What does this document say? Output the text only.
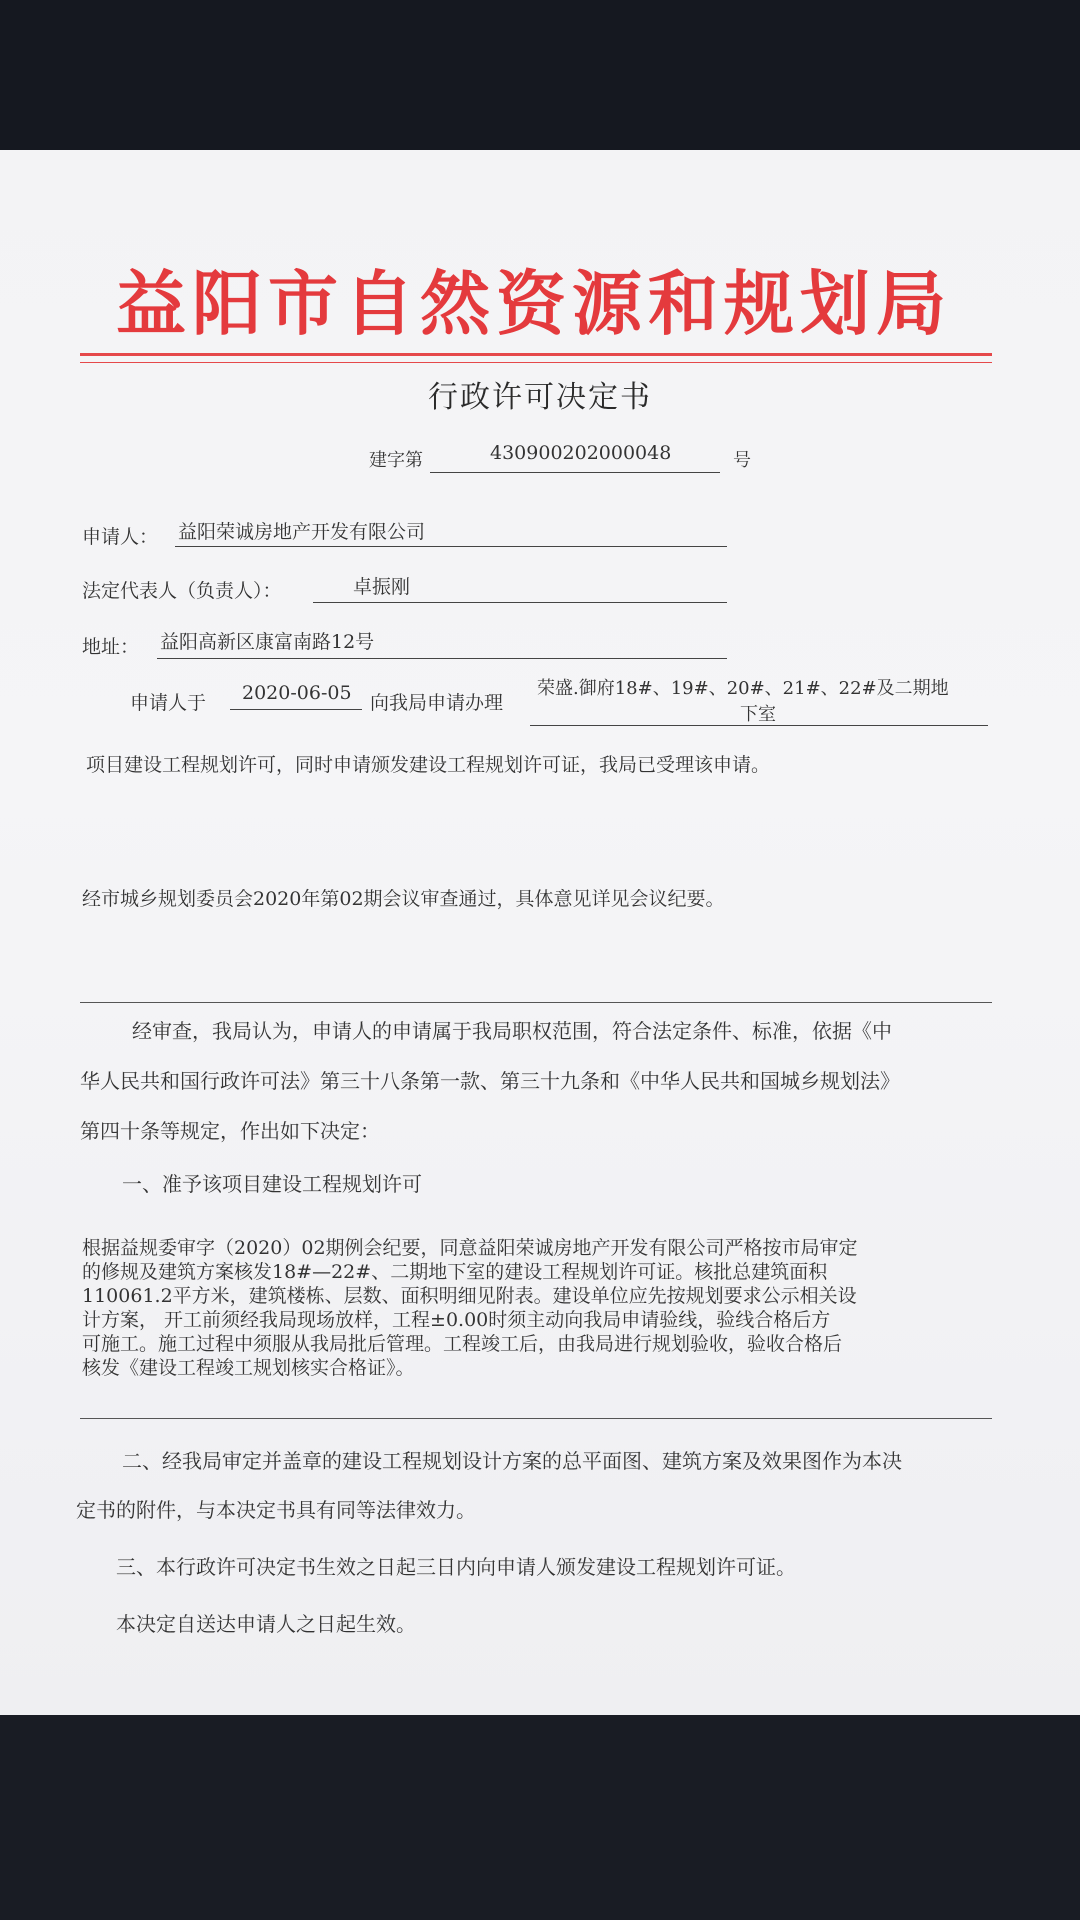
益阳市自然资源和规划局
行政许可决定书
建字第	430900202000048	号
申请人： 益阳荣诚房地产开发有限公司
法定代表人（负责人）：	卓振刚
地址： 益阳高新区康富南路12号
申请人于 2020-06-05 向我局申请办理
荣盛.御府18#、19#、20#、21#、22#及二期地
下室
项目建设工程规划许可，同时申请颁发建设工程规划许可证，我局已受理该申请。
经市城乡规划委员会2020年第02期会议审查通过，具体意见详见会议纪要。
经审查，我局认为，申请人的申请属于我局职权范围，符合法定条件、标准，依据《中
华人民共和国行政许可法》第三十八条第一款、第三十九条和《中华人民共和国城乡规划法》
第四十条等规定，作出如下决定：
一、准予该项目建设工程规划许可
根据益规委审字（2020）02期例会纪要，同意益阳荣诚房地产开发有限公司严格按市局审定
的修规及建筑方案核发18#—22#、二期地下室的建设工程规划许可证。核批总建筑面积
110061.2平方米，建筑楼栋、层数、面积明细见附表。建设单位应先按规划要求公示相关设
计方案， 开工前须经我局现场放样，工程±0.00时须主动向我局申请验线，验线合格后方
可施工。施工过程中须服从我局批后管理。工程竣工后，由我局进行规划验收，验收合格后
核发《建设工程竣工规划核实合格证》。
二、经我局审定并盖章的建设工程规划设计方案的总平面图、建筑方案及效果图作为本决
定书的附件，与本决定书具有同等法律效力。
三、本行政许可决定书生效之日起三日内向申请人颁发建设工程规划许可证。
本决定自送达申请人之日起生效。
